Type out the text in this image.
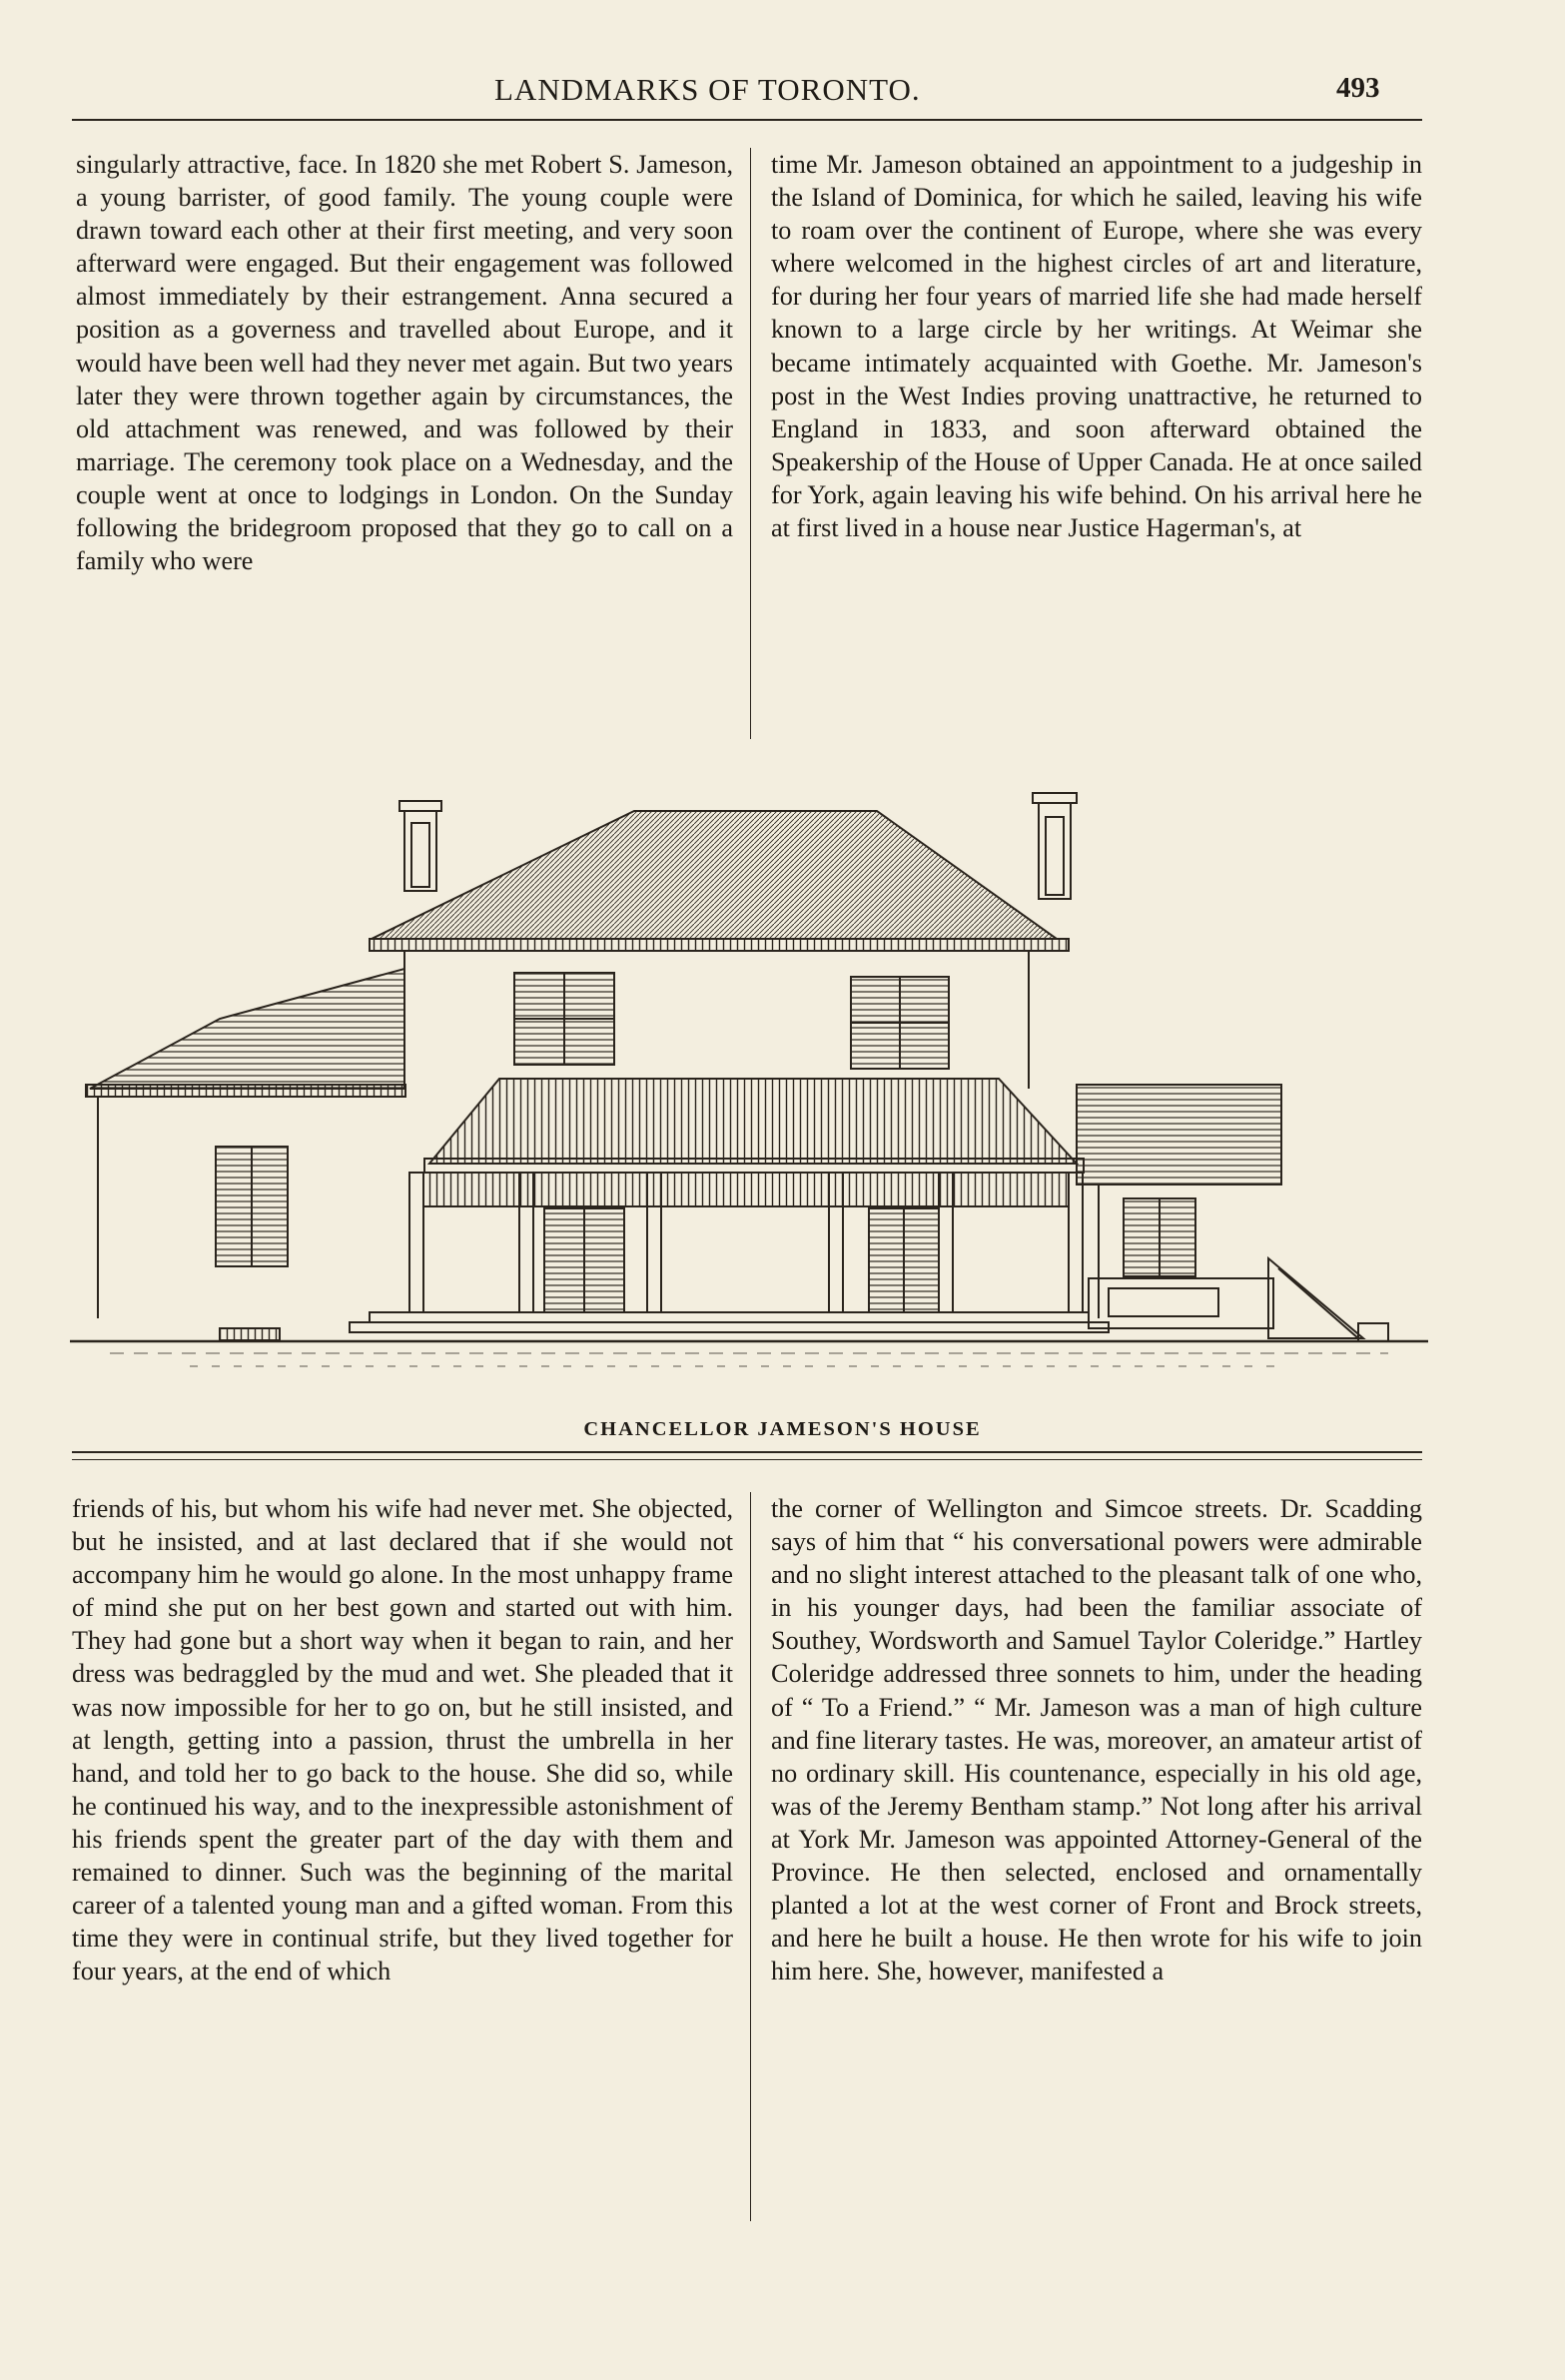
LANDMARKS OF TORONTO.	493
singularly attractive, face. In 1820 she met Robert S. Jameson, a young barrister, of good family. The young couple were drawn toward each other at their first meeting, and very soon afterward were engaged. But their engagement was followed almost immediately by their estrangement. Anna secured a position as a governess and travelled about Europe, and it would have been well had they never met again. But two years later they were thrown together again by circumstances, the old attachment was renewed, and was followed by their marriage. The ceremony took place on a Wednesday, and the couple went at once to lodgings in London. On the Sunday following the bridegroom proposed that they go to call on a family who were
time Mr. Jameson obtained an appointment to a judgeship in the Island of Dominica, for which he sailed, leaving his wife to roam over the continent of Europe, where she was every where welcomed in the highest circles of art and literature, for during her four years of married life she had made herself known to a large circle by her writings. At Weimar she became intimately acquainted with Goethe. Mr. Jameson's post in the West Indies proving unattractive, he returned to England in 1833, and soon afterward obtained the Speakership of the House of Upper Canada. He at once sailed for York, again leaving his wife behind. On his arrival here he at first lived in a house near Justice Hagerman's, at
CHANCELLOR JAMESON'S HOUSE
friends of his, but whom his wife had never met. She objected, but he insisted, and at last declared that if she would not accompany him he would go alone. In the most unhappy frame of mind she put on her best gown and started out with him. They had gone but a short way when it began to rain, and her dress was bedraggled by the mud and wet. She pleaded that it was now impossible for her to go on, but he still insisted, and at length, getting into a passion, thrust the umbrella in her hand, and told her to go back to the house. She did so, while he continued his way, and to the inexpressible astonishment of his friends spent the greater part of the day with them and remained to dinner. Such was the beginning of the marital career of a talented young man and a gifted woman. From this time they were in continual strife, but they lived together for four years, at the end of which
the corner of Wellington and Simcoe streets. Dr. Scadding says of him that “ his conversational powers were admirable and no slight interest attached to the pleasant talk of one who, in his younger days, had been the familiar associate of Southey, Wordsworth and Samuel Taylor Coleridge.” Hartley Coleridge addressed three sonnets to him, under the heading of “ To a Friend.” “ Mr. Jameson was a man of high culture and fine literary tastes. He was, moreover, an amateur artist of no ordinary skill. His countenance, especially in his old age, was of the Jeremy Bentham stamp.” Not long after his arrival at York Mr. Jameson was appointed Attorney-General of the Province. He then selected, enclosed and ornamentally planted a lot at the west corner of Front and Brock streets, and here he built a house. He then wrote for his wife to join him here. She, however, manifested a
